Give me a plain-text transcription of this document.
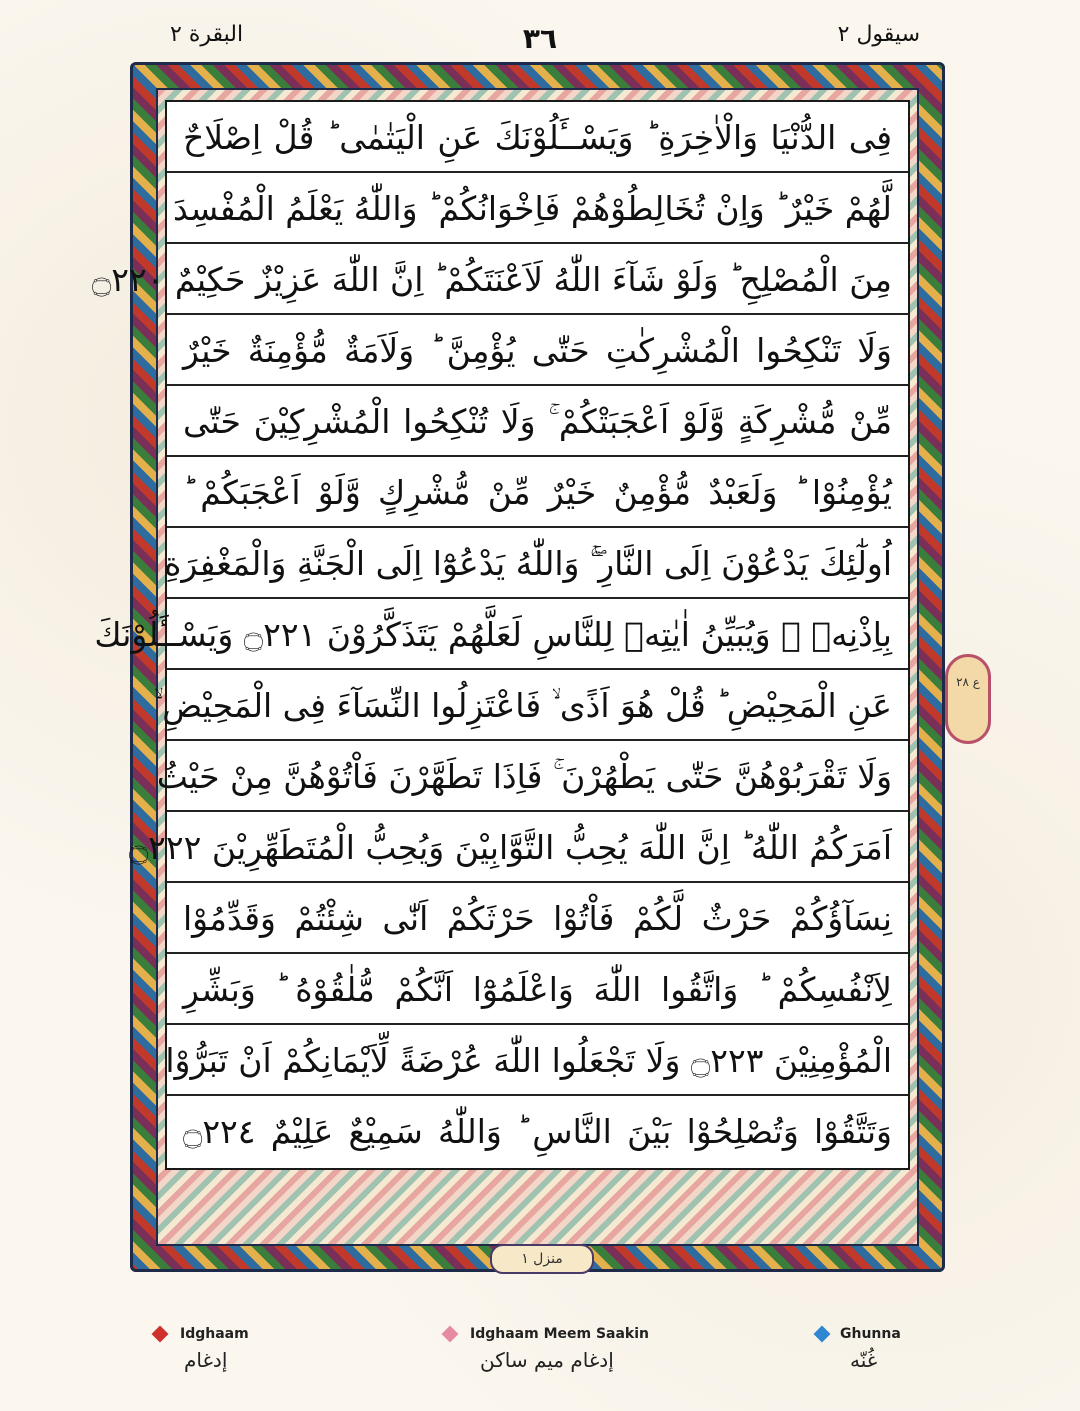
البقرة ٢	٣٦	سيقول ٢
فِى الدُّنْيَا وَالْاٰخِرَةِ ؕ وَيَسْــَٔلُوْنَكَ عَنِ الْيَتٰمٰى ؕ قُلْ اِصْلَاحٌ
لَّهُمْ خَيْرٌ ؕ وَاِنْ تُخَالِطُوْهُمْ فَاِخْوَانُكُمْ ؕ وَاللّٰهُ يَعْلَمُ الْمُفْسِدَ
مِنَ الْمُصْلِحِ ؕ وَلَوْ شَآءَ اللّٰهُ لَاَعْنَتَكُمْ ؕ اِنَّ اللّٰهَ عَزِيْزٌ حَكِيْمٌ ۝٢٢٠
وَلَا تَنْكِحُوا الْمُشْرِكٰتِ حَتّٰى يُؤْمِنَّ ؕ وَلَاَمَةٌ مُّؤْمِنَةٌ خَيْرٌ
مِّنْ مُّشْرِكَةٍ وَّلَوْ اَعْجَبَتْكُمْ ۚ وَلَا تُنْكِحُوا الْمُشْرِكِيْنَ حَتّٰى
يُؤْمِنُوْا ؕ وَلَعَبْدٌ مُّؤْمِنٌ خَيْرٌ مِّنْ مُّشْرِكٍ وَّلَوْ اَعْجَبَكُمْ ؕ
اُولٰٓئِكَ يَدْعُوْنَ اِلَى النَّارِ ۖۚ وَاللّٰهُ يَدْعُوْٓا اِلَى الْجَنَّةِ وَالْمَغْفِرَةِ
بِاِذْنِهٖ ۚ وَيُبَيِّنُ اٰيٰتِهٖ لِلنَّاسِ لَعَلَّهُمْ يَتَذَكَّرُوْنَ ۝٢٢١ وَيَسْــَٔلُوْنَكَ
عَنِ الْمَحِيْضِ ؕ قُلْ هُوَ اَذًى ۙ فَاعْتَزِلُوا النِّسَآءَ فِى الْمَحِيْضِ ۙ
وَلَا تَقْرَبُوْهُنَّ حَتّٰى يَطْهُرْنَ ۚ فَاِذَا تَطَهَّرْنَ فَاْتُوْهُنَّ مِنْ حَيْثُ
اَمَرَكُمُ اللّٰهُ ؕ اِنَّ اللّٰهَ يُحِبُّ التَّوَّابِيْنَ وَيُحِبُّ الْمُتَطَهِّرِيْنَ ۝٢٢٢
نِسَآؤُكُمْ حَرْثٌ لَّكُمْ فَاْتُوْا حَرْثَكُمْ اَنّٰى شِئْتُمْ وَقَدِّمُوْا
لِاَنْفُسِكُمْ ؕ وَاتَّقُوا اللّٰهَ وَاعْلَمُوْٓا اَنَّكُمْ مُّلٰقُوْهُ ؕ وَبَشِّرِ
الْمُؤْمِنِيْنَ ۝٢٢٣ وَلَا تَجْعَلُوا اللّٰهَ عُرْضَةً لِّاَيْمَانِكُمْ اَنْ تَبَرُّوْا
وَتَتَّقُوْا وَتُصْلِحُوْا بَيْنَ النَّاسِ ؕ وَاللّٰهُ سَمِيْعٌ عَلِيْمٌ ۝٢٢٤
منزل ١
ع ٢٨
Idghaam
إدغام
Idghaam Meem Saakin
إدغام ميم ساكن
Ghunna
غُنّه
